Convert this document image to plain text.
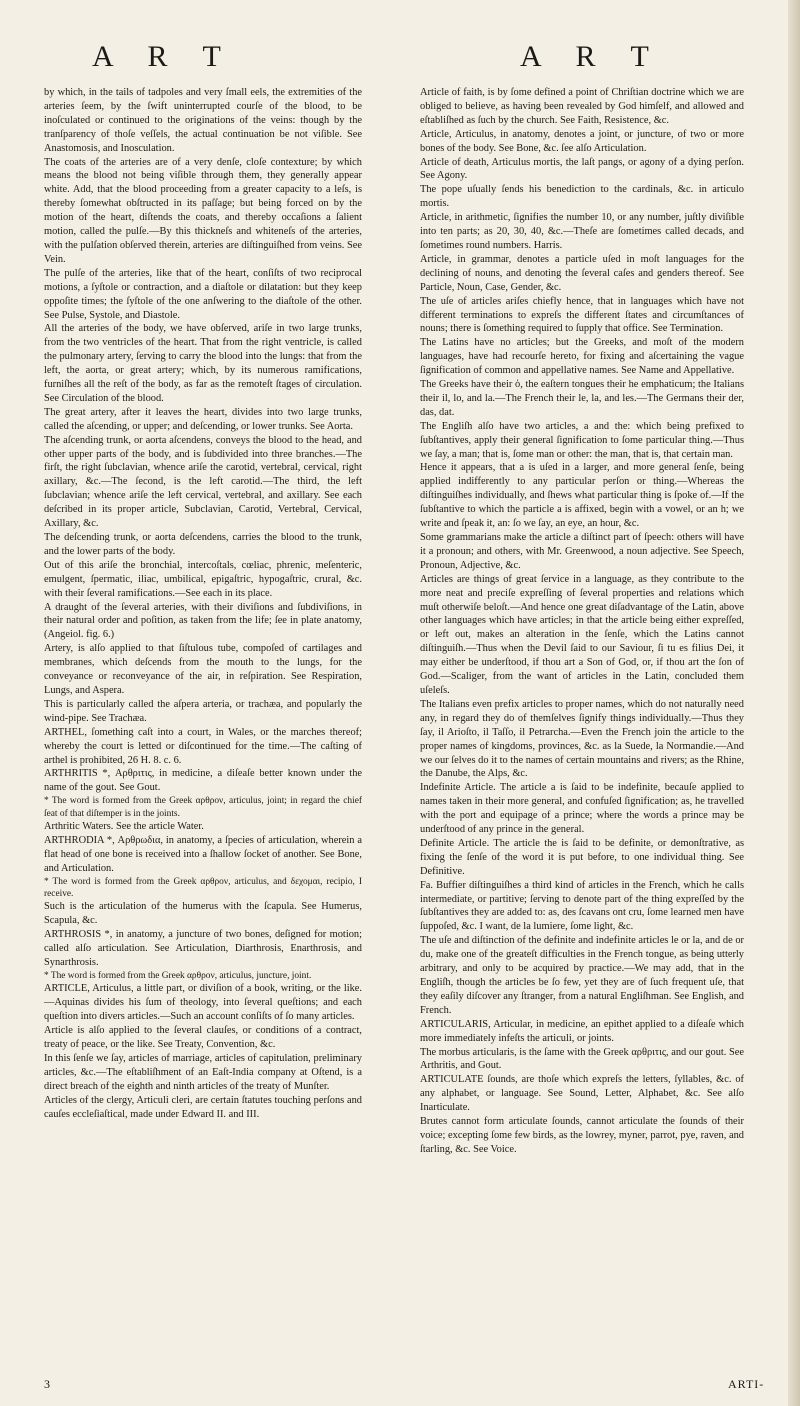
A R T	A R T

by which, in the tails of tadpoles and very ſmall eels, the extremities of the arteries ſeem, by the ſwift uninterrupted courſe of the blood, to be inoſculated or continued to the originations of the veins: though by the tranſparency of thoſe veſſels, the actual continuation be not viſible. See Anastomosis, and Inosculation.

The coats of the arteries are of a very denſe, cloſe contexture; by which means the blood not being viſible through them, they generally appear white. Add, that the blood proceeding from a greater capacity to a leſs, is thereby ſomewhat obſtructed in its paſſage; but being forced on by the motion of the heart, diſtends the coats, and thereby occaſions a ſalient motion, called the pulſe.—By this thickneſs and whiteneſs of the arteries, with the pulſation obſerved therein, arteries are diſtinguiſhed from veins. See Vein.

The pulſe of the arteries, like that of the heart, conſiſts of two reciprocal motions, a ſyſtole or contraction, and a diaſtole or dilatation: but they keep oppoſite times; the ſyſtole of the one anſwering to the diaſtole of the other. See Pulse, Systole, and Diastole.

All the arteries of the body, we have obſerved, ariſe in two large trunks, from the two ventricles of the heart. That from the right ventricle, is called the pulmonary artery, ſerving to carry the blood into the lungs: that from the left, the aorta, or great artery; which, by its numerous ramifications, furniſhes all the reſt of the body, as far as the remoteſt ſtages of circulation. See Circulation of the blood.

The great artery, after it leaves the heart, divides into two large trunks, called the aſcending, or upper; and deſcending, or lower trunks. See Aorta.

The aſcending trunk, or aorta aſcendens, conveys the blood to the head, and other upper parts of the body, and is ſubdivided into three branches.—The firſt, the right ſubclavian, whence ariſe the carotid, vertebral, cervical, right axillary, &c.—The ſecond, is the left carotid.—The third, the left ſubclavian; whence ariſe the left cervical, vertebral, and axillary. See each deſcribed in its proper article, Subclavian, Carotid, Vertebral, Cervical, Axillary, &c.

The deſcending trunk, or aorta deſcendens, carries the blood to the trunk, and the lower parts of the body.

Out of this ariſe the bronchial, intercoſtals, cœliac, phrenic, meſenteric, emulgent, ſpermatic, iliac, umbilical, epigaſtric, hypogaſtric, crural, &c. with their ſeveral ramifications.—See each in its place.

A draught of the ſeveral arteries, with their diviſions and ſubdiviſions, in their natural order and poſition, as taken from the life; ſee in plate anatomy, (Angeiol. fig. 6.)

Artery, is alſo applied to that ſiſtulous tube, compoſed of cartilages and membranes, which deſcends from the mouth to the lungs, for the conveyance or reconveyance of the air, in reſpiration. See Respiration, Lungs, and Aspera.

This is particularly called the aſpera arteria, or trachæa, and popularly the wind-pipe. See Trachæa.

ARTHEL, ſomething caſt into a court, in Wales, or the marches thereof; whereby the court is letted or diſcontinued for the time.—The caſting of arthel is prohibited, 26 H. 8. c. 6.

ARTHRITIS *, Αρθριτις, in medicine, a diſeaſe better known under the name of the gout. See Gout.

* The word is formed from the Greek αρθρον, articulus, joint; in regard the chief ſeat of that diſtemper is in the joints.

Arthritic Waters. See the article Water.

ARTHRODIA *, Αρθρωδια, in anatomy, a ſpecies of articulation, wherein a flat head of one bone is received into a ſhallow ſocket of another. See Bone, and Articulation.

* The word is formed from the Greek αρθρον, articulus, and δεχομαι, recipio, I receive.

Such is the articulation of the humerus with the ſcapula. See Humerus, Scapula, &c.

ARTHROSIS *, in anatomy, a juncture of two bones, deſigned for motion; called alſo articulation. See Articulation, Diarthrosis, Enarthrosis, and Synarthrosis.

* The word is formed from the Greek αρθρον, articulus, juncture, joint.

ARTICLE, Articulus, a little part, or diviſion of a book, writing, or the like.—Aquinas divides his ſum of theology, into ſeveral queſtions; and each queſtion into divers articles.—Such an account conſiſts of ſo many articles.

Article is alſo applied to the ſeveral clauſes, or conditions of a contract, treaty of peace, or the like. See Treaty, Convention, &c.

In this ſenſe we ſay, articles of marriage, articles of capitulation, preliminary articles, &c.—The eſtabliſhment of an Eaſt-India company at Oſtend, is a direct breach of the eighth and ninth articles of the treaty of Munſter.

Articles of the clergy, Articuli cleri, are certain ſtatutes touching perſons and cauſes eccleſiaſtical, made under Edward II. and III.

Article of faith, is by ſome defined a point of Chriſtian doctrine which we are obliged to believe, as having been revealed by God himſelf, and allowed and eſtabliſhed as ſuch by the church. See Faith, Resistence, &c.

Article, Articulus, in anatomy, denotes a joint, or juncture, of two or more bones of the body. See Bone, &c. ſee alſo Articulation.

Article of death, Articulus mortis, the laſt pangs, or agony of a dying perſon. See Agony.

The pope uſually ſends his benediction to the cardinals, &c. in articulo mortis.

Article, in arithmetic, ſignifies the number 10, or any number, juſtly diviſible into ten parts; as 20, 30, 40, &c.—Theſe are ſometimes called decads, and ſometimes round numbers. Harris.

Article, in grammar, denotes a particle uſed in moſt languages for the declining of nouns, and denoting the ſeveral caſes and genders thereof. See Particle, Noun, Case, Gender, &c.

The uſe of articles ariſes chiefly hence, that in languages which have not different terminations to expreſs the different ſtates and circumſtances of nouns; there is ſomething required to ſupply that office. See Termination.

The Latins have no articles; but the Greeks, and moſt of the modern languages, have had recourſe hereto, for fixing and aſcertaining the vague ſignification of common and appellative names. See Name and Appellative.

The Greeks have their ὁ, the eaſtern tongues their he emphaticum; the Italians their il, lo, and la.—The French their le, la, and les.—The Germans their der, das, dat.

The Engliſh alſo have two articles, a and the: which being prefixed to ſubſtantives, apply their general ſignification to ſome particular thing.—Thus we ſay, a man; that is, ſome man or other: the man, that is, that certain man.

Hence it appears, that a is uſed in a larger, and more general ſenſe, being applied indifferently to any particular perſon or thing.—Whereas the diſtinguiſhes individually, and ſhews what particular thing is ſpoke of.—If the ſubſtantive to which the particle a is affixed, begin with a vowel, or an h; we write and ſpeak it, an: ſo we ſay, an eye, an hour, &c.

Some grammarians make the article a diſtinct part of ſpeech: others will have it a pronoun; and others, with Mr. Greenwood, a noun adjective. See Speech, Pronoun, Adjective, &c.

Articles are things of great ſervice in a language, as they contribute to the more neat and preciſe expreſſing of ſeveral properties and relations which muſt otherwiſe beloſt.—And hence one great diſadvantage of the Latin, above other languages which have articles; in that the article being either expreſſed, or left out, makes an alteration in the ſenſe, which the Latins cannot diſtinguiſh.—Thus when the Devil ſaid to our Saviour, ſi tu es filius Dei, it may either be underſtood, if thou art a Son of God, or, if thou art the ſon of God.—Scaliger, from the want of articles in the Latin, concluded them uſeleſs.

The Italians even prefix articles to proper names, which do not naturally need any, in regard they do of themſelves ſignify things individually.—Thus they ſay, il Arioſto, il Taſſo, il Petrarcha.—Even the French join the article to the proper names of kingdoms, provinces, &c. as la Suede, la Normandie.—And we our ſelves do it to the names of certain mountains and rivers; as the Rhine, the Danube, the Alps, &c.

Indefinite Article. The article a is ſaid to be indefinite, becauſe applied to names taken in their more general, and confuſed ſignification; as, he travelled with the port and equipage of a prince; where the words a prince may be underſtood of any prince in the general.

Definite Article. The article the is ſaid to be definite, or demonſtrative, as fixing the ſenſe of the word it is put before, to one individual thing. See Definitive.

Fa. Buffier diſtinguiſhes a third kind of articles in the French, which he calls intermediate, or partitive; ſerving to denote part of the thing expreſſed by the ſubſtantives they are added to: as, des ſcavans ont cru, ſome learned men have ſuppoſed, &c. I want, de la lumiere, ſome light, &c.

The uſe and diſtinction of the definite and indefinite articles le or la, and de or du, make one of the greateſt difficulties in the French tongue, as being utterly arbitrary, and only to be acquired by practice.—We may add, that in the Engliſh, though the articles be ſo few, yet they are of ſuch frequent uſe, that they eaſily diſcover any ſtranger, from a natural Engliſhman. See English, and French.

ARTICULARIS, Articular, in medicine, an epithet applied to a diſeaſe which more immediately infeſts the articuli, or joints.

The morbus articularis, is the ſame with the Greek αρθριτις, and our gout. See Arthritis, and Gout.

ARTICULATE ſounds, are thoſe which expreſs the letters, ſyllables, &c. of any alphabet, or language. See Sound, Letter, Alphabet, &c. See alſo Inarticulate.

Brutes cannot form articulate ſounds, cannot articulate the ſounds of their voice; excepting ſome few birds, as the lowrey, myner, parrot, pye, raven, and ſtarling, &c. See Voice.

3	ARTI-
